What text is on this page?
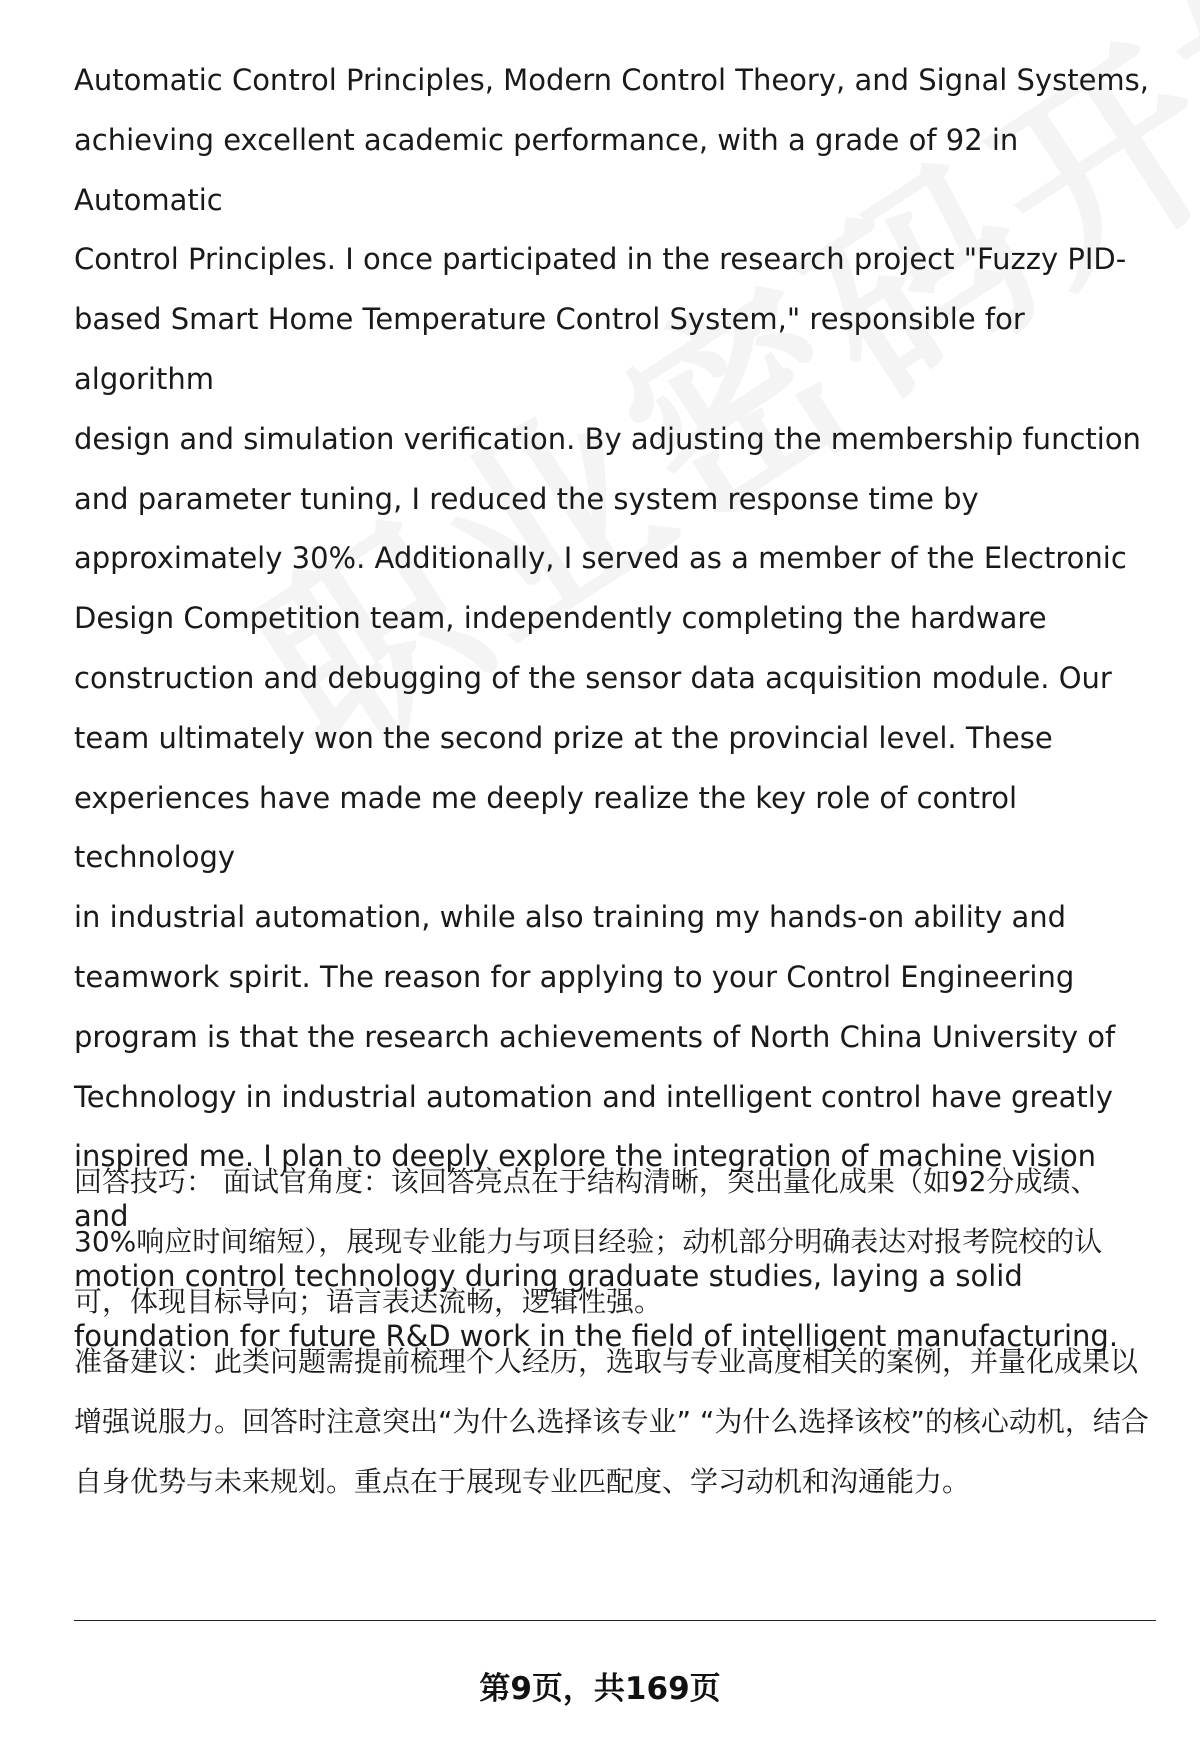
Automatic Control Principles, Modern Control Theory, and Signal Systems,
achieving excellent academic performance, with a grade of 92 in Automatic
Control Principles. I once participated in the research project "Fuzzy PID-
based Smart Home Temperature Control System," responsible for algorithm
design and simulation verification. By adjusting the membership function
and parameter tuning, I reduced the system response time by
approximately 30%. Additionally, I served as a member of the Electronic
Design Competition team, independently completing the hardware
construction and debugging of the sensor data acquisition module. Our
team ultimately won the second prize at the provincial level. These
experiences have made me deeply realize the key role of control technology
in industrial automation, while also training my hands-on ability and
teamwork spirit. The reason for applying to your Control Engineering
program is that the research achievements of North China University of
Technology in industrial automation and intelligent control have greatly
inspired me. I plan to deeply explore the integration of machine vision and
motion control technology during graduate studies, laying a solid
foundation for future R&D work in the field of intelligent manufacturing.

回答技巧： 面试官角度：该回答亮点在于结构清晰，突出量化成果（如92分成绩、30%响应时间缩短），展现专业能力与项目经验；动机部分明确表达对报考院校的认可，体现目标导向；语言表达流畅，逻辑性强。

准备建议：此类问题需提前梳理个人经历，选取与专业高度相关的案例，并量化成果以增强说服力。回答时注意突出“为什么选择该专业” “为什么选择该校”的核心动机，结合自身优势与未来规划。重点在于展现专业匹配度、学习动机和沟通能力。

第9页，共169页
